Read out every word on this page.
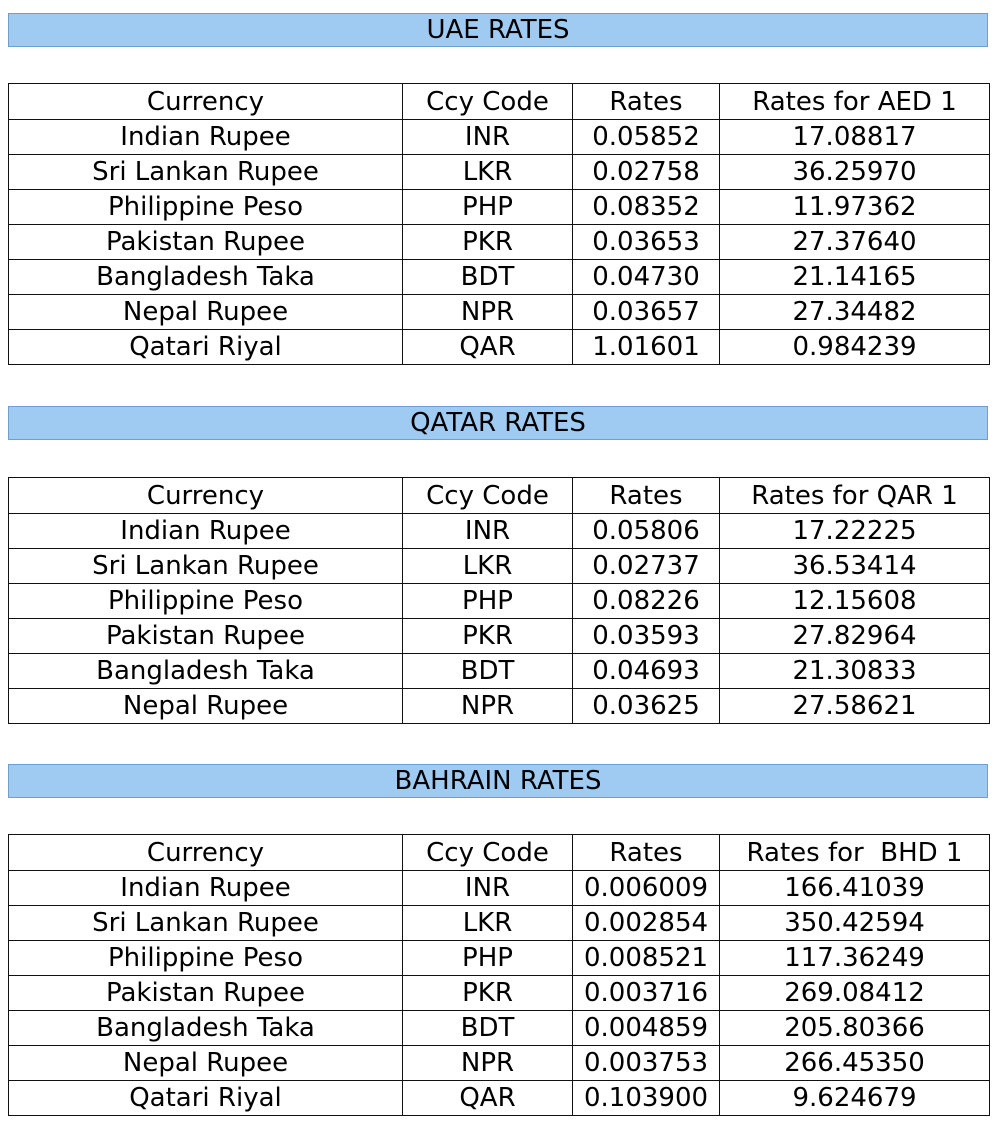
UAE RATES
Currency	Ccy Code	Rates	Rates for AED 1
Indian Rupee	INR	0.05852	17.08817
Sri Lankan Rupee	LKR	0.02758	36.25970
Philippine Peso	PHP	0.08352	11.97362
Pakistan Rupee	PKR	0.03653	27.37640
Bangladesh Taka	BDT	0.04730	21.14165
Nepal Rupee	NPR	0.03657	27.34482
Qatari Riyal	QAR	1.01601	0.984239
QATAR RATES
Currency	Ccy Code	Rates	Rates for QAR 1
Indian Rupee	INR	0.05806	17.22225
Sri Lankan Rupee	LKR	0.02737	36.53414
Philippine Peso	PHP	0.08226	12.15608
Pakistan Rupee	PKR	0.03593	27.82964
Bangladesh Taka	BDT	0.04693	21.30833
Nepal Rupee	NPR	0.03625	27.58621
BAHRAIN RATES
Currency	Ccy Code	Rates	Rates for  BHD 1
Indian Rupee	INR	0.006009	166.41039
Sri Lankan Rupee	LKR	0.002854	350.42594
Philippine Peso	PHP	0.008521	117.36249
Pakistan Rupee	PKR	0.003716	269.08412
Bangladesh Taka	BDT	0.004859	205.80366
Nepal Rupee	NPR	0.003753	266.45350
Qatari Riyal	QAR	0.103900	9.624679
